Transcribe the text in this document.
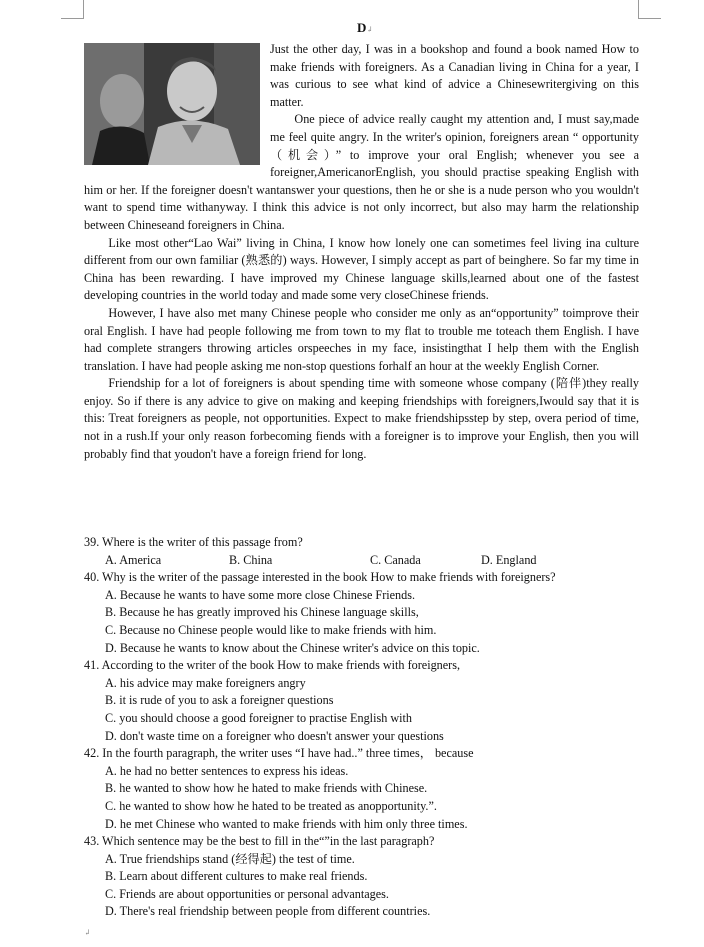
D↲

Just the other day, I was in a bookshop and found a book named How to make friends with foreigners. As a Canadian living in China for a year, I was curious to see what kind of advice a Chinesewritergiving on this matter.

One piece of advice really caught my attention and, I must say,made me feel quite angry. In the writer's opinion, foreigners arean “ opportunity （机会）” to improve your oral English; whenever you see a foreigner,AmericanorEnglish, you should practise speaking English with him or her. If the foreigner doesn't wantanswer your questions, then he or she is a nude person who you wouldn't want to spend time withanyway. I think this advice is not only incorrect, but also may harm the relationship between Chineseand foreigners in China.

Like most other“Lao Wai” living in China, I know how lonely one can sometimes feel living ina culture different from our own familiar (熟悉的) ways. However, I simply accept as part of beinghere. So far my time in China has been rewarding. I have improved my Chinese language skills,learned about one of the fastest developing countries in the world today and made some very closeChinese friends.

However, I have also met many Chinese people who consider me only as an“opportunity” toimprove their oral English. I have had people following me from town to my flat to trouble me toteach them English. I have had complete strangers throwing articles orspeeches in my face, insistingthat I help them with the English translation. I have had people asking me non-stop questions forhalf an hour at the weekly English Corner.

Friendship for a lot of foreigners is about spending time with someone whose company (陪伴)they really enjoy. So if there is any advice to give on making and keeping friendships with foreigners,Iwould say that it is this: Treat foreigners as people, not opportunities. Expect to make friendshipsstep by step, overa period of time, not in a rush.If your only reason forbecoming fiends with a foreigner is to improve your English, then you will probably find that youdon't have a foreign friend for long.

39. Where is the writer of this passage from?

A. America	B. China	C. Canada	D. England

40. Why is the writer of the passage interested in the book How to make friends with foreigners?

A. Because he wants to have some more close Chinese Friends.

B. Because he has greatly improved his Chinese language skills,

C. Because no Chinese people would like to make friends with him.

D. Because he wants to know about the Chinese writer's advice on this topic.

41. According to the writer of the book How to make friends with foreigners,

A. his advice may make foreigners angry

B. it is rude of you to ask a foreigner questions

C. you should choose a good foreigner to practise English with

D. don't waste time on a foreigner who doesn't answer your questions

42. In the fourth paragraph, the writer uses “I have had..” three times， because

A. he had no better sentences to express his ideas.

B. he wanted to show how he hated to make friends with Chinese.

C. he wanted to show how he hated to be treated as anopportunity.”.

D. he met Chinese who wanted to make friends with him only three times.

43. Which sentence may be the best to fill in the“”in the last paragraph?

A. True friendships stand (经得起) the test of time.

B. Learn about different cultures to make real friends.

C. Friends are about opportunities or personal advantages.

D. There's real friendship between people from different countries.

↲
